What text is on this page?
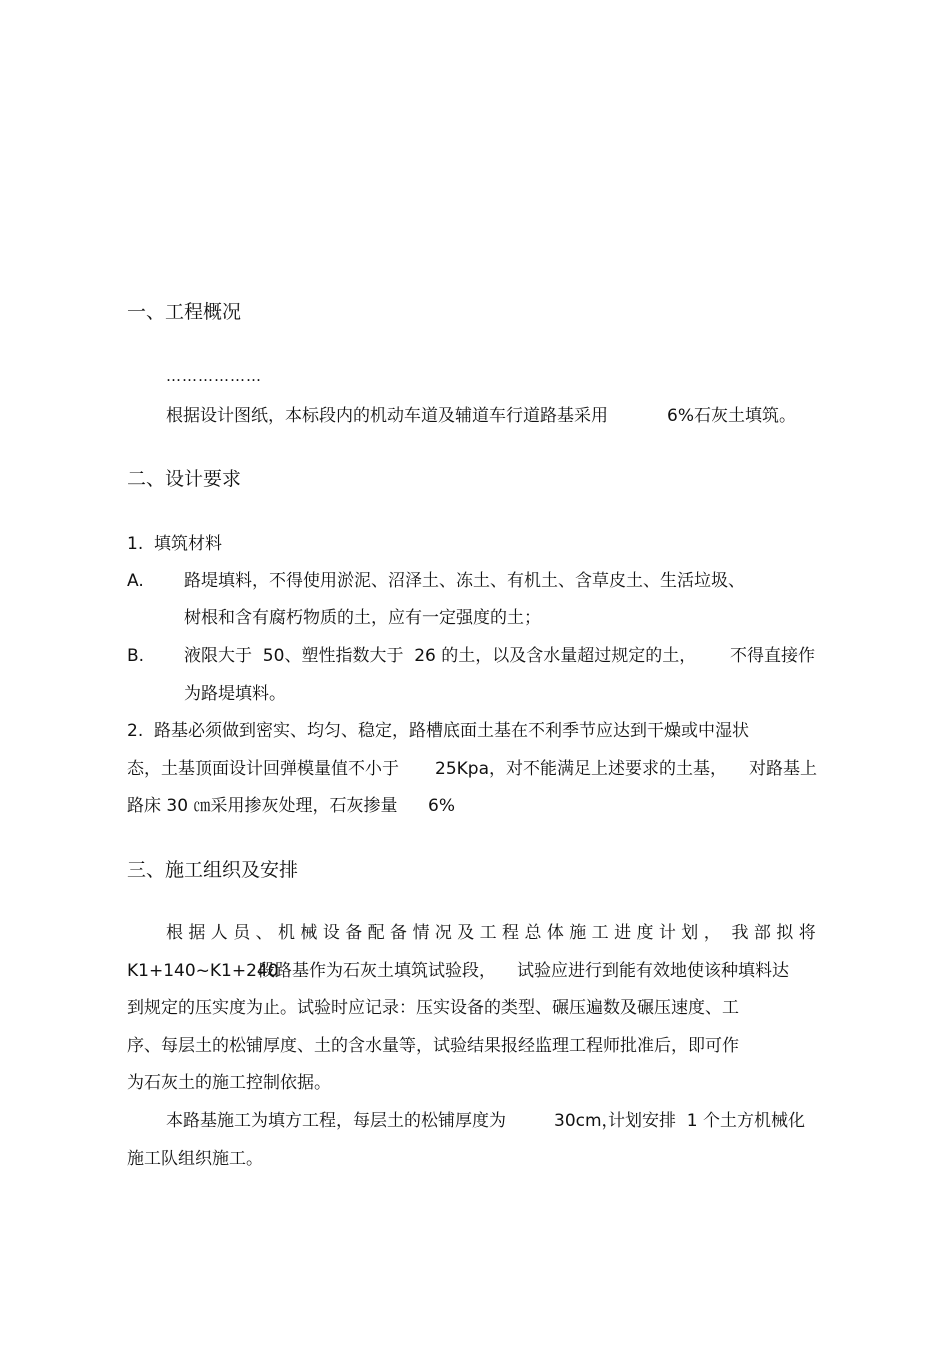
一、工程概况
………………
根据设计图纸，本标段内的机动车道及辅道车行道路基采用	6%石灰土填筑。
二、设计要求
1.  填筑材料
A. 路堤填料，不得使用淤泥、沼泽土、冻土、有机土、含草皮土、生活垃圾、
树根和含有腐朽物质的土，应有一定强度的土；
B. 液限大于  50、塑性指数大于  26 的土，以及含水量超过规定的土， 不得直接作
为路堤填料。
2.  路基必须做到密实、均匀、稳定，路槽底面土基在不利季节应达到干燥或中湿状
态，土基顶面设计回弹模量值不小于 25Kpa，对不能满足上述要求的土基， 对路基上
路床 30 ㎝采用掺灰处理，石灰掺量 6%
三、施工组织及安排
根 据 人 员 、 机 械 设 备 配 备 情 况 及 工 程 总 体 施 工 进 度 计 划 ，  我 部 拟 将
K1+140~K1+240
段路基作为石灰土填筑试验段， 试验应进行到能有效地使该种填料达
到规定的压实度为止。试验时应记录：压实设备的类型、碾压遍数及碾压速度、工
序、每层土的松铺厚度、土的含水量等，试验结果报经监理工程师批准后，即可作
为石灰土的施工控制依据。
本路基施工为填方工程，每层土的松铺厚度为	30cm，
计划安排  1 个土方机械化
施工队组织施工。
